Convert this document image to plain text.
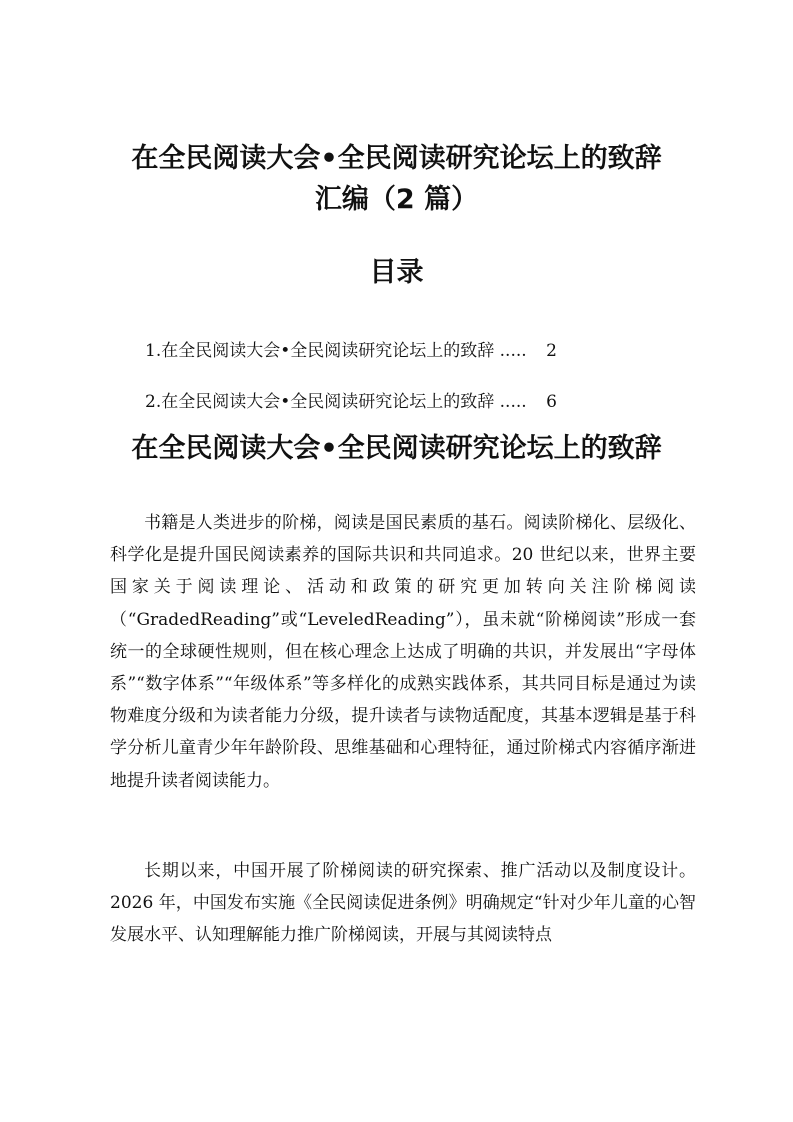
在全民阅读大会•全民阅读研究论坛上的致辞
汇编（2 篇）
目录
1.在全民阅读大会•全民阅读研究论坛上的致辞 ..... 2
2.在全民阅读大会•全民阅读研究论坛上的致辞 ..... 6
在全民阅读大会•全民阅读研究论坛上的致辞

书籍是人类进步的阶梯，阅读是国民素质的基石。阅读阶梯化、层级化、科学化是提升国民阅读素养的国际共识和共同追求。20 世纪以来，世界主要国家关于阅读理论、活动和政策的研究更加转向关注阶梯阅读（“GradedReading”或“LeveledReading”），虽未就“阶梯阅读”形成一套统一的全球硬性规则，但在核心理念上达成了明确的共识，并发展出“字母体系”“数字体系”“年级体系”等多样化的成熟实践体系，其共同目标是通过为读物难度分级和为读者能力分级，提升读者与读物适配度，其基本逻辑是基于科学分析儿童青少年年龄阶段、思维基础和心理特征，通过阶梯式内容循序渐进地提升读者阅读能力。

长期以来，中国开展了阶梯阅读的研究探索、推广活动以及制度设计。2026 年，中国发布实施《全民阅读促进条例》明确规定“针对少年儿童的心智发展水平、认知理解能力推广阶梯阅读，开展与其阅读特点
